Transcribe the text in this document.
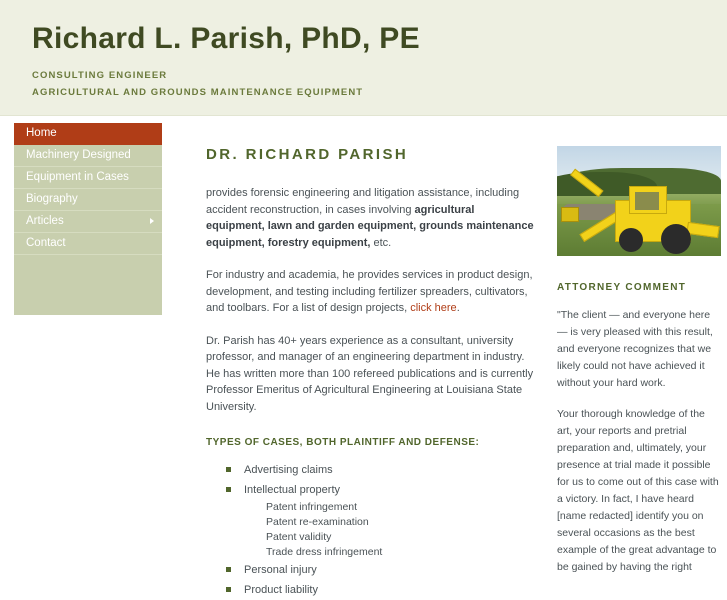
Richard L. Parish, PhD, PE
CONSULTING ENGINEER
AGRICULTURAL AND GROUNDS MAINTENANCE EQUIPMENT
Home
Machinery Designed
Equipment in Cases
Biography
Articles
Contact
DR. RICHARD PARISH

provides forensic engineering and litigation assistance, including accident reconstruction, in cases involving agricultural equipment, lawn and garden equipment, grounds maintenance equipment, forestry equipment, etc.

For industry and academia, he provides services in product design, development, and testing including fertilizer spreaders, cultivators, and toolbars. For a list of design projects, click here.

Dr. Parish has 40+ years experience as a consultant, university professor, and manager of an engineering department in industry. He has written more than 100 refereed publications and is currently Professor Emeritus of Agricultural Engineering at Louisiana State University.

TYPES OF CASES, BOTH PLAINTIFF AND DEFENSE:
Advertising claims
Intellectual property
Patent infringement
Patent re-examination
Patent validity
Trade dress infringement
Personal injury
Product liability
ATTORNEY COMMENT

"The client — and everyone here — is very pleased with this result, and everyone recognizes that we likely could not have achieved it without your hard work.

Your thorough knowledge of the art, your reports and pretrial preparation and, ultimately, your presence at trial made it possible for us to come out of this case with a victory. In fact, I have heard [name redacted] identify you on several occasions as the best example of the great advantage to be gained by having the right
